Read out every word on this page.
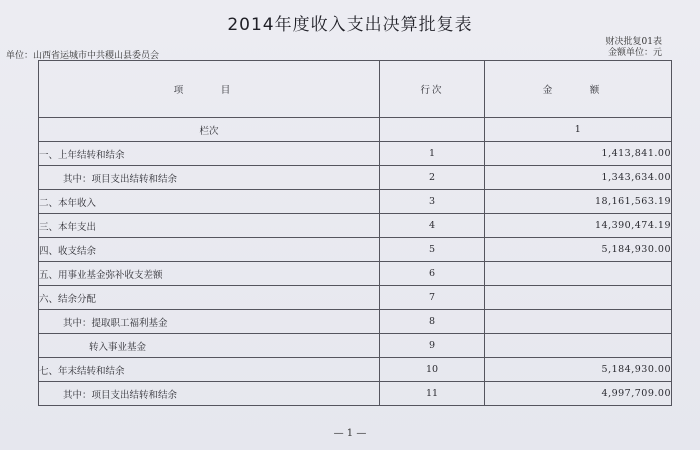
2014年度收入支出决算批复表
财决批复01表
金额单位：元
单位：山西省运城市中共稷山县委员会
项　目	行次	金　额
栏次		1
一、上年结转和结余	1	1,413,841.00
其中：项目支出结转和结余	2	1,343,634.00
二、本年收入	3	18,161,563.19
三、本年支出	4	14,390,474.19
四、收支结余	5	5,184,930.00
五、用事业基金弥补收支差额	6	
六、结余分配	7	
其中：提取职工福利基金	8	
转入事业基金	9	
七、年末结转和结余	10	5,184,930.00
其中：项目支出结转和结余	11	4,997,709.00
— 1 —
